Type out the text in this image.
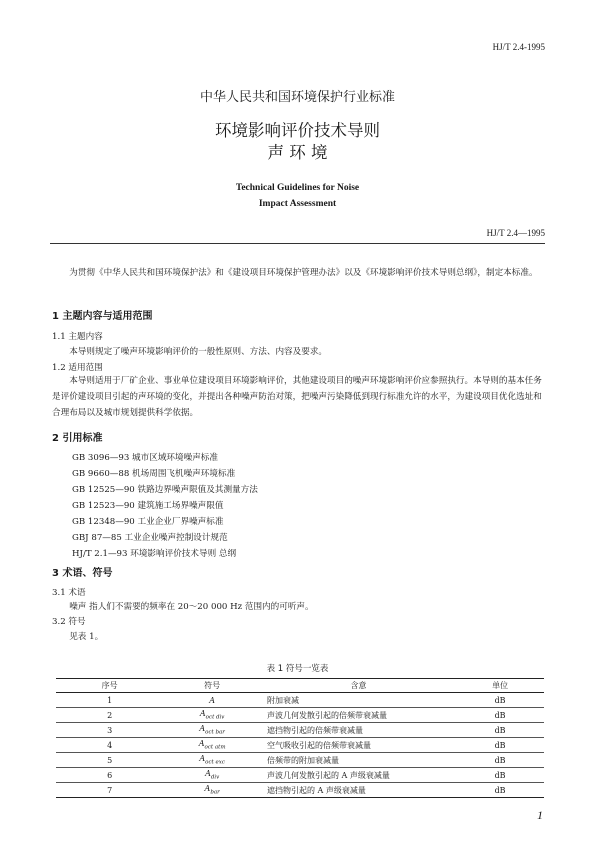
HJ/T 2.4-1995
中华人民共和国环境保护行业标准
环境影响评价技术导则
声 环 境
Technical Guidelines for Noise
Impact Assessment
HJ/T 2.4—1995
为贯彻《中华人民共和国环境保护法》和《建设项目环境保护管理办法》以及《环境影响评价技术导则总纲》，制定本标准。
1 主题内容与适用范围
1.1 主题内容
本导则规定了噪声环境影响评价的一般性原则、方法、内容及要求。
1.2 适用范围
本导则适用于厂矿企业、事业单位建设项目环境影响评价，其他建设项目的噪声环境影响评价应参照执行。本导则的基本任务是评价建设项目引起的声环境的变化，并提出各种噪声防治对策，把噪声污染降低到现行标准允许的水平，为建设项目优化选址和合理布局以及城市规划提供科学依据。
2 引用标准
GB 3096—93 城市区域环境噪声标准
GB 9660—88 机场周围飞机噪声环境标准
GB 12525—90 铁路边界噪声限值及其测量方法
GB 12523—90 建筑施工场界噪声限值
GB 12348—90 工业企业厂界噪声标准
GBJ 87—85 工业企业噪声控制设计规范
HJ/T 2.1—93 环境影响评价技术导则 总纲
3 术语、符号
3.1 术语
噪声 指人们不需要的频率在 20～20 000 Hz 范围内的可听声。
3.2 符号
见表 1。
表 1 符号一览表
序号	符号	含意	单位
1	A	附加衰减	dB
2	$A_{oct div}$	声波几何发散引起的倍频带衰减量	dB
3	$A_{oct bar}$	遮挡物引起的倍频带衰减量	dB
4	$A_{oct atm}$	空气吸收引起的倍频带衰减量	dB
5	$A_{oct exc}$	倍频带的附加衰减量	dB
6	$A_{div}$	声波几何发散引起的 A 声级衰减量	dB
7	$A_{bar}$	遮挡物引起的 A 声级衰减量	dB
1
